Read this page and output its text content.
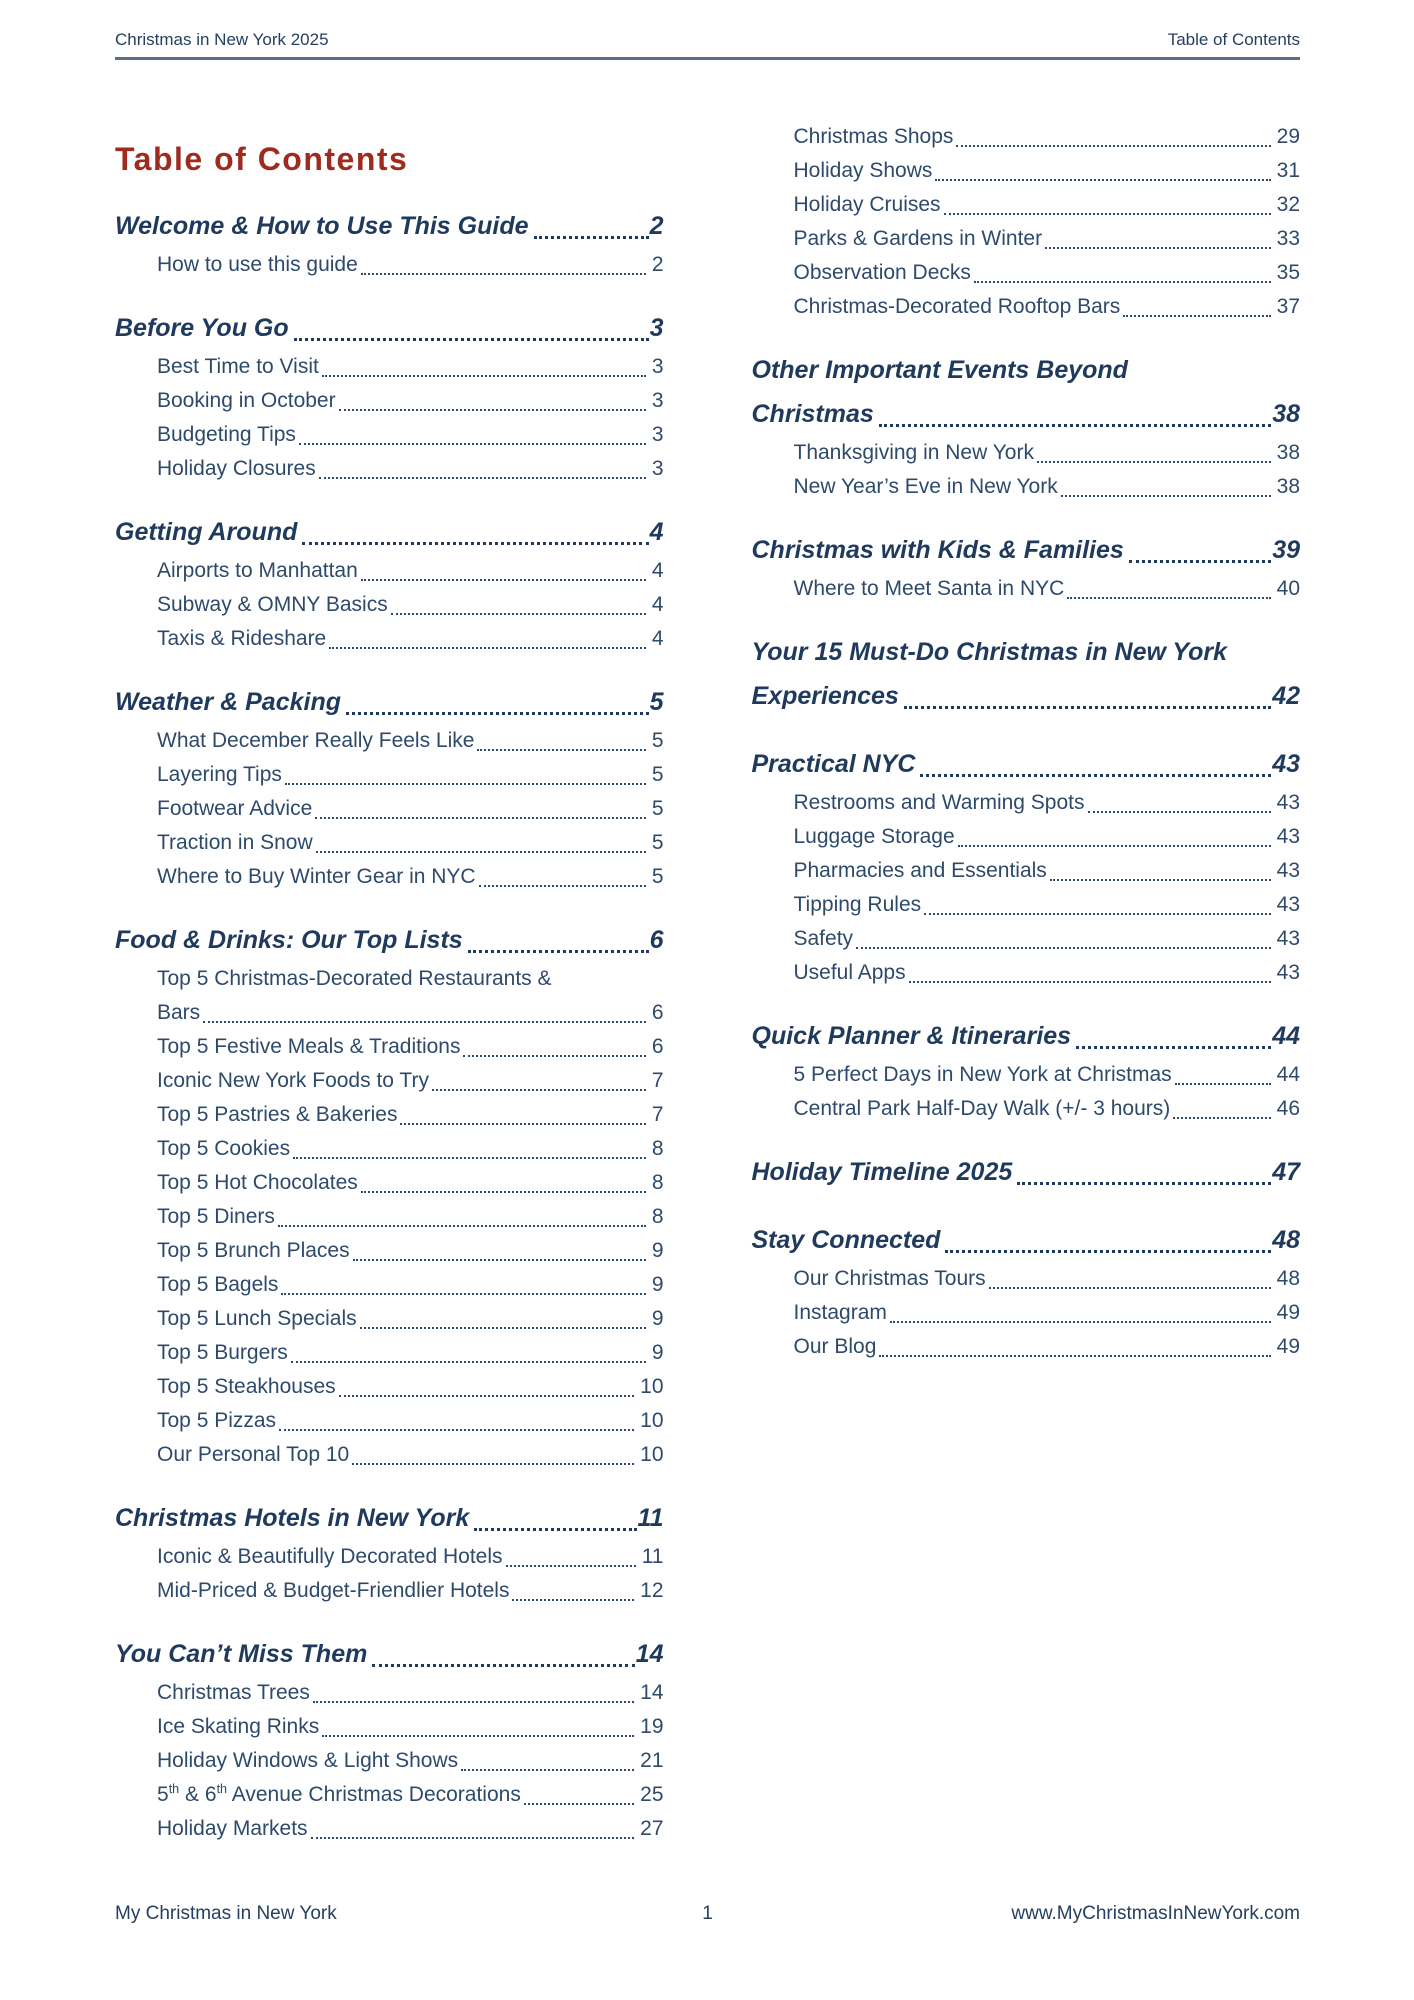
Christmas in New York 2025	Table of Contents
Table of Contents
Welcome & How to Use This Guide	2
How to use this guide	2
Before You Go	3
Best Time to Visit	3
Booking in October	3
Budgeting Tips	3
Holiday Closures	3
Getting Around	4
Airports to Manhattan	4
Subway & OMNY Basics	4
Taxis & Rideshare	4
Weather & Packing	5
What December Really Feels Like	5
Layering Tips	5
Footwear Advice	5
Traction in Snow	5
Where to Buy Winter Gear in NYC	5
Food & Drinks: Our Top Lists	6
Top 5 Christmas-Decorated Restaurants &
Bars	6
Top 5 Festive Meals & Traditions	6
Iconic New York Foods to Try	7
Top 5 Pastries & Bakeries	7
Top 5 Cookies	8
Top 5 Hot Chocolates	8
Top 5 Diners	8
Top 5 Brunch Places	9
Top 5 Bagels	9
Top 5 Lunch Specials	9
Top 5 Burgers	9
Top 5 Steakhouses	10
Top 5 Pizzas	10
Our Personal Top 10	10
Christmas Hotels in New York	11
Iconic & Beautifully Decorated Hotels	11
Mid-Priced & Budget-Friendlier Hotels	12
You Can’t Miss Them	14
Christmas Trees	14
Ice Skating Rinks	19
Holiday Windows & Light Shows	21
5th & 6th Avenue Christmas Decorations	25
Holiday Markets	27
Christmas Shops	29
Holiday Shows	31
Holiday Cruises	32
Parks & Gardens in Winter	33
Observation Decks	35
Christmas-Decorated Rooftop Bars	37
Other Important Events Beyond
Christmas	38
Thanksgiving in New York	38
New Year’s Eve in New York	38
Christmas with Kids & Families	39
Where to Meet Santa in NYC	40
Your 15 Must-Do Christmas in New York
Experiences	42
Practical NYC	43
Restrooms and Warming Spots	43
Luggage Storage	43
Pharmacies and Essentials	43
Tipping Rules	43
Safety	43
Useful Apps	43
Quick Planner & Itineraries	44
5 Perfect Days in New York at Christmas	44
Central Park Half-Day Walk (+/- 3 hours)	46
Holiday Timeline 2025	47
Stay Connected	48
Our Christmas Tours	48
Instagram	49
Our Blog	49
My Christmas in New York	1	www.MyChristmasInNewYork.com
